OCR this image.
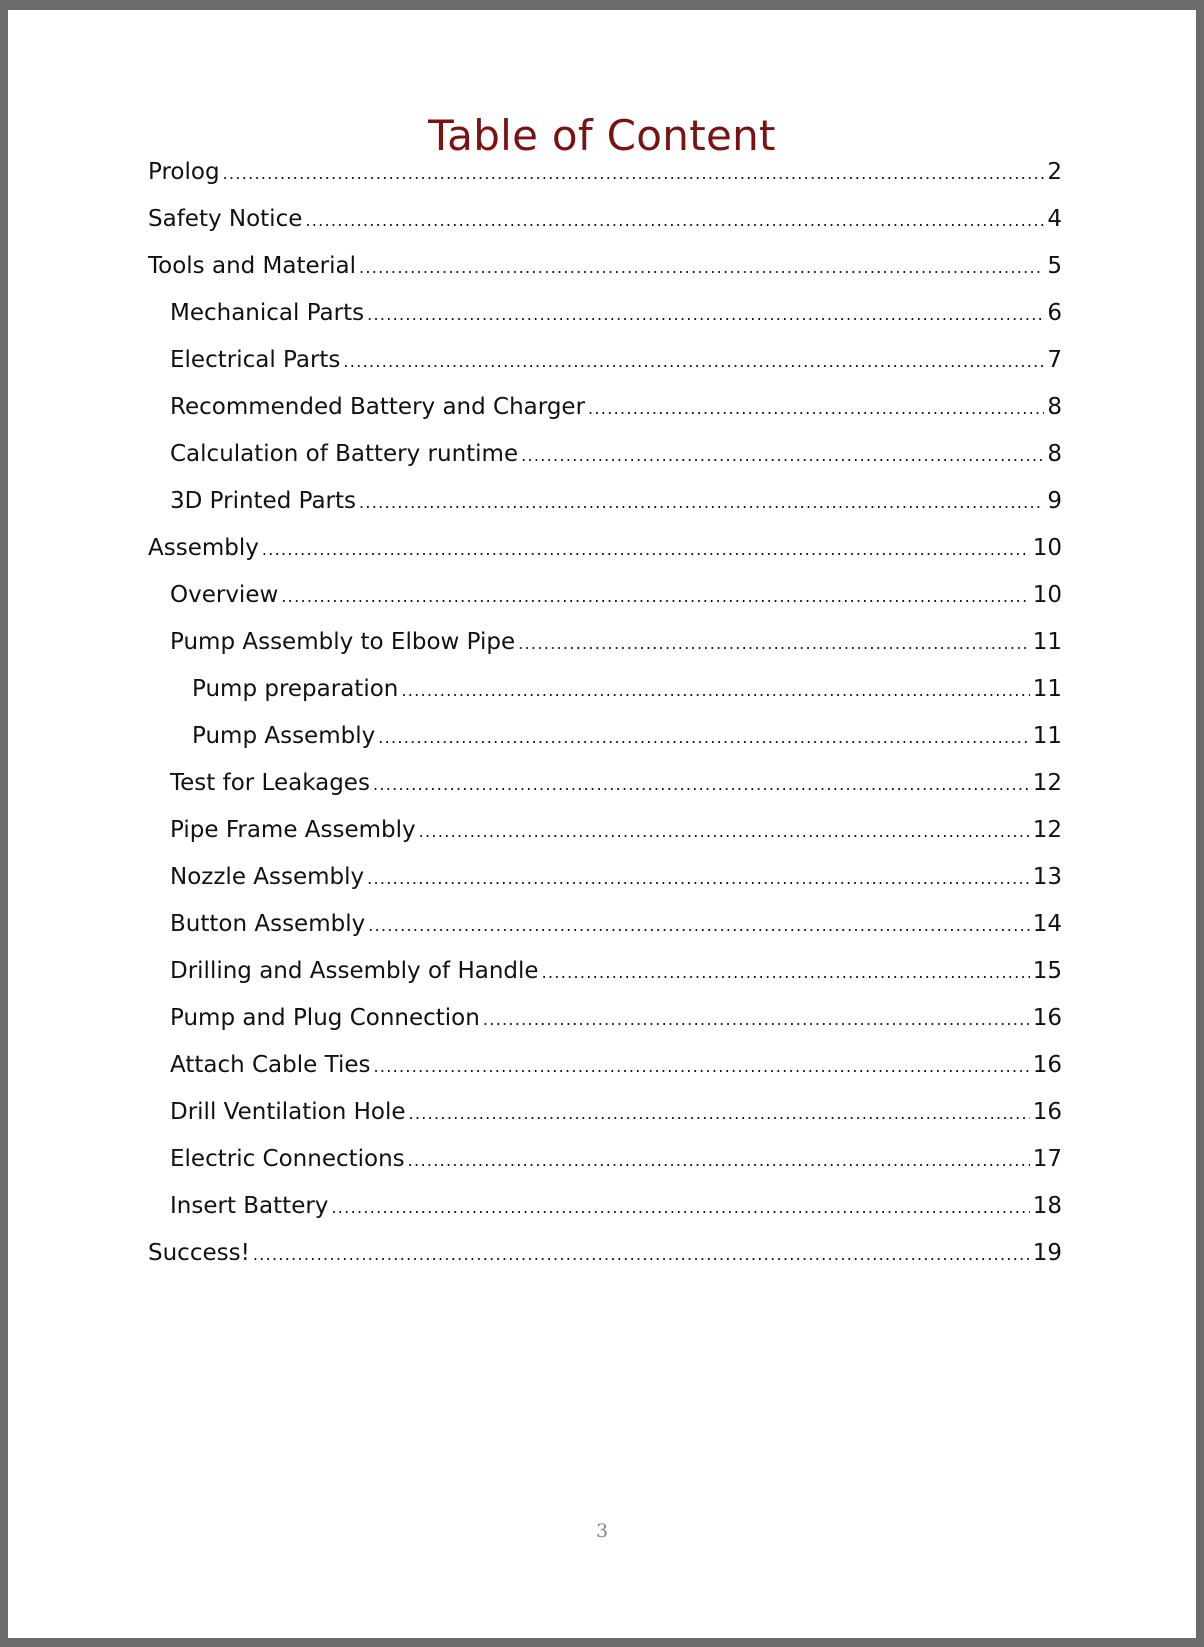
Table of Content
Prolog .....	2
Safety Notice .....	4
Tools and Material .....	5
Mechanical Parts .....	6
Electrical Parts .....	7
Recommended Battery and Charger .....	8
Calculation of Battery runtime .....	8
3D Printed Parts .....	9
Assembly .....	10
Overview .....	10
Pump Assembly to Elbow Pipe .....	11
Pump preparation .....	11
Pump Assembly .....	11
Test for Leakages .....	12
Pipe Frame Assembly .....	12
Nozzle Assembly .....	13
Button Assembly .....	14
Drilling and Assembly of Handle .....	15
Pump and Plug Connection .....	16
Attach Cable Ties .....	16
Drill Ventilation Hole .....	16
Electric Connections .....	17
Insert Battery .....	18
Success! .....	19
3
